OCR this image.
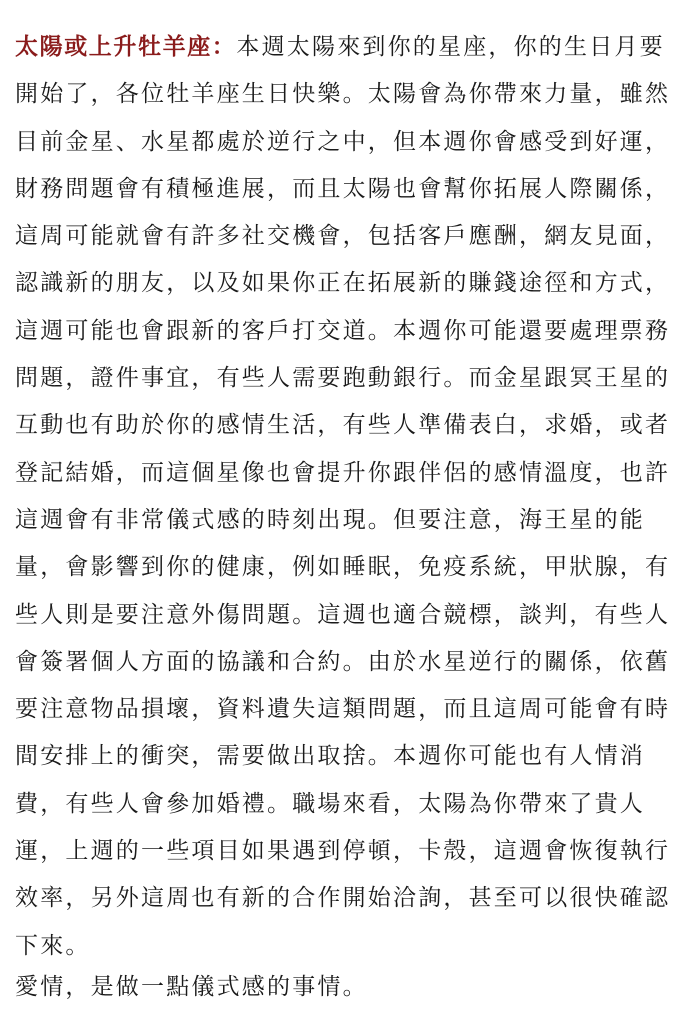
太陽或上升牡羊座：本週太陽來到你的星座，你的生日月要
開始了，各位牡羊座生日快樂。太陽會為你帶來力量，雖然
目前金星、水星都處於逆行之中，但本週你會感受到好運，
財務問題會有積極進展，而且太陽也會幫你拓展人際關係，
這周可能就會有許多社交機會，包括客戶應酬，網友見面，
認識新的朋友，以及如果你正在拓展新的賺錢途徑和方式，
這週可能也會跟新的客戶打交道。本週你可能還要處理票務
問題，證件事宜，有些人需要跑動銀行。而金星跟冥王星的
互動也有助於你的感情生活，有些人準備表白，求婚，或者
登記結婚，而這個星像也會提升你跟伴侶的感情溫度，也許
這週會有非常儀式感的時刻出現。但要注意，海王星的能
量，會影響到你的健康，例如睡眠，免疫系統，甲狀腺，有
些人則是要注意外傷問題。這週也適合競標，談判，有些人
會簽署個人方面的協議和合約。由於水星逆行的關係，依舊
要注意物品損壞，資料遺失這類問題，而且這周可能會有時
間安排上的衝突，需要做出取捨。本週你可能也有人情消
費，有些人會參加婚禮。職場來看，太陽為你帶來了貴人
運，上週的一些項目如果遇到停頓，卡殼，這週會恢復執行
效率，另外這周也有新的合作開始洽詢，甚至可以很快確認
下來。
愛情，是做一點儀式感的事情。
